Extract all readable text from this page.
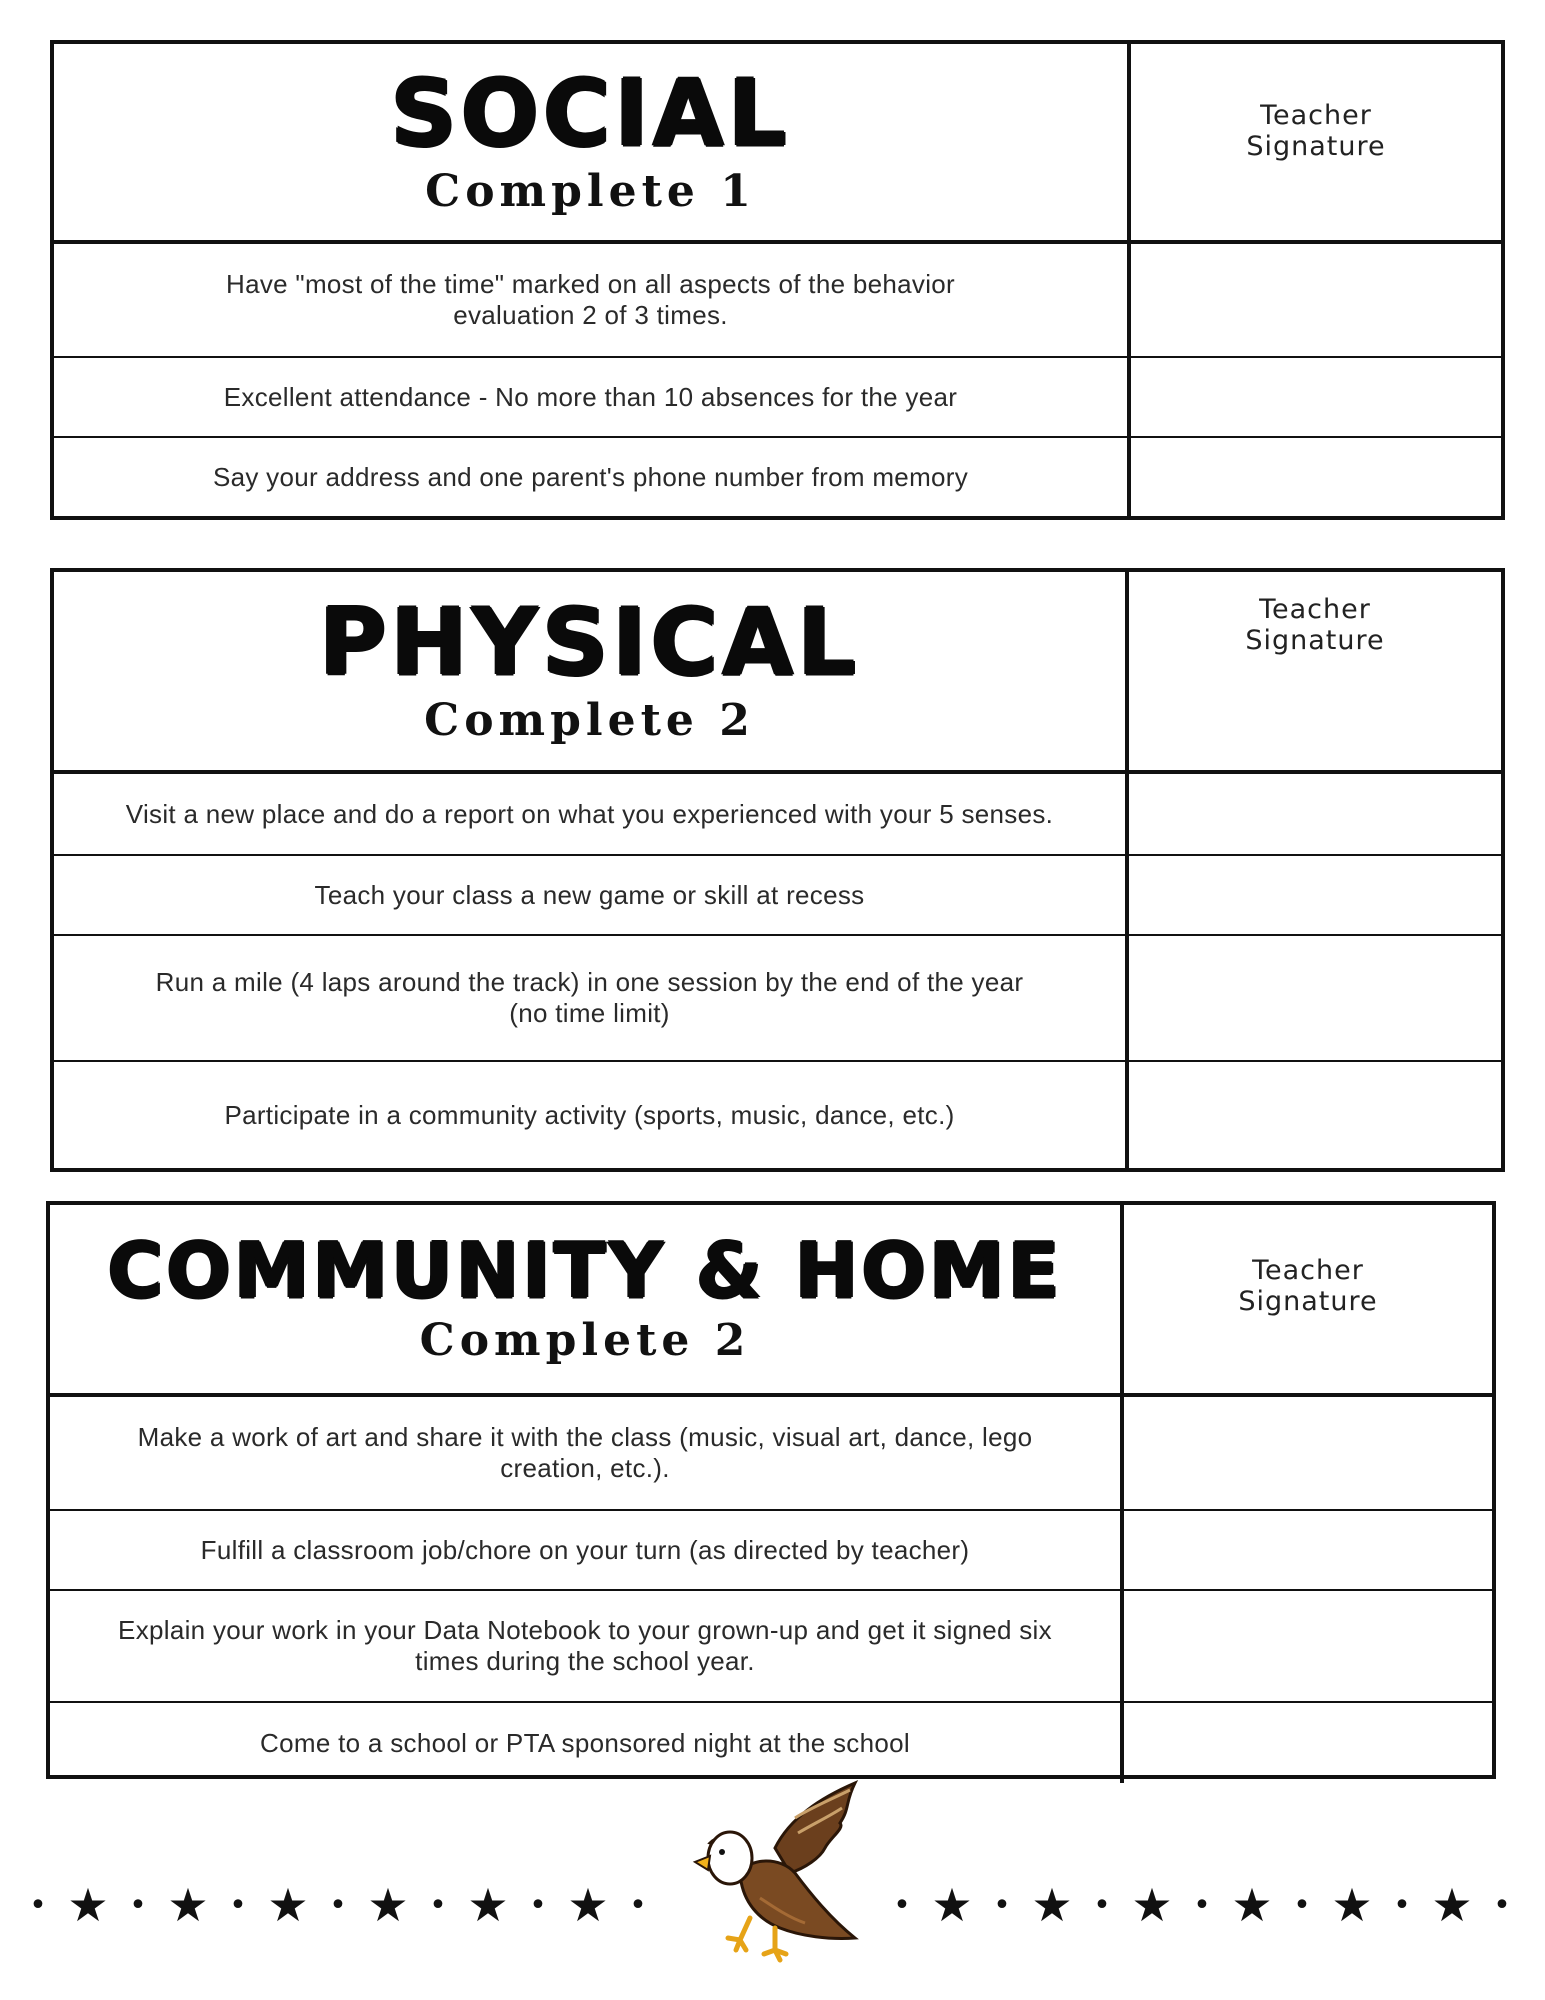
SOCIAL
Complete 1
Teacher Signature
Have "most of the time" marked on all aspects of the behavior evaluation 2 of 3 times.
Excellent attendance - No more than 10 absences for the year
Say your address and one parent's phone number from memory
PHYSICAL
Complete 2
Teacher Signature
Visit a new place and do a report on what you experienced with your 5 senses.
Teach your class a new game or skill at recess
Run a mile (4 laps around the track) in one session by the end of the year (no time limit)
Participate in a community activity (sports, music, dance, etc.)
COMMUNITY & HOME
Complete 2
Teacher Signature
Make a work of art and share it with the class (music, visual art, dance, lego creation, etc.).
Fulfill a classroom job/chore on your turn (as directed by teacher)
Explain your work in your Data Notebook to your grown-up and get it signed six times during the school year.
Come to a school or PTA sponsored night at the school
• ★ • ★ • ★ • ★ • ★ • ★ •	• ★ • ★ • ★ • ★ • ★ • ★ •
